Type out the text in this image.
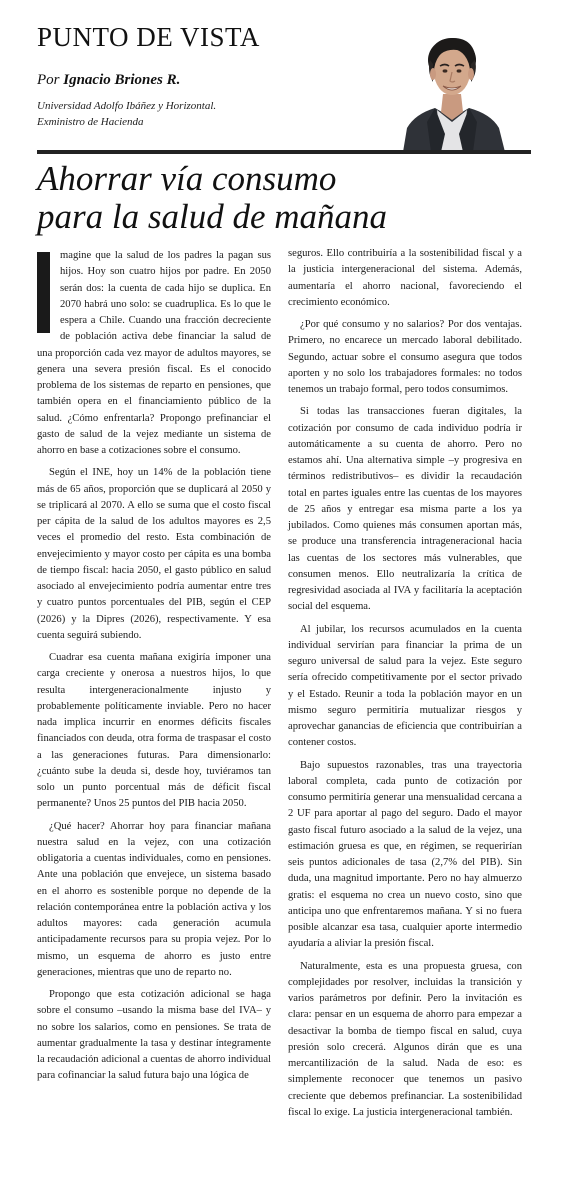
PUNTO DE VISTA
Por Ignacio Briones R.
Universidad Adolfo Ibáñez y Horizontal.
Exministro de Hacienda
Ahorrar vía consumo
para la salud de mañana

magine que la salud de los padres la pagan sus hijos. Hoy son cuatro hijos por padre. En 2050 serán dos: la cuenta de cada hijo se duplica. En 2070 habrá uno solo: se cuadruplica. Es lo que le espera a Chile. Cuando una fracción decreciente de población activa debe financiar la salud de una proporción cada vez mayor de adultos mayores, se genera una severa presión fiscal. Es el conocido problema de los sistemas de reparto en pensiones, que también opera en el financiamiento público de la salud. ¿Cómo enfrentarla? Propongo prefinanciar el gasto de salud de la vejez mediante un sistema de ahorro en base a cotizaciones sobre el consumo.

Según el INE, hoy un 14% de la población tiene más de 65 años, proporción que se duplicará al 2050 y se triplicará al 2070. A ello se suma que el costo fiscal per cápita de la salud de los adultos mayores es 2,5 veces el promedio del resto. Esta combinación de envejecimiento y mayor costo per cápita es una bomba de tiempo fiscal: hacia 2050, el gasto público en salud asociado al envejecimiento podría aumentar entre tres y cuatro puntos porcentuales del PIB, según el CEP (2026) y la Dipres (2026), respectivamente. Y esa cuenta seguirá subiendo.

Cuadrar esa cuenta mañana exigiría imponer una carga creciente y onerosa a nuestros hijos, lo que resulta intergeneracionalmente injusto y probablemente políticamente inviable. Pero no hacer nada implica incurrir en enormes déficits fiscales financiados con deuda, otra forma de traspasar el costo a las generaciones futuras. Para dimensionarlo: ¿cuánto sube la deuda si, desde hoy, tuviéramos tan solo un punto porcentual más de déficit fiscal permanente? Unos 25 puntos del PIB hacia 2050.

¿Qué hacer? Ahorrar hoy para financiar mañana nuestra salud en la vejez, con una cotización obligatoria a cuentas individuales, como en pensiones. Ante una población que envejece, un sistema basado en el ahorro es sostenible porque no depende de la relación contemporánea entre la población activa y los adultos mayores: cada generación acumula anticipadamente recursos para su propia vejez. Por lo mismo, un esquema de ahorro es justo entre generaciones, mientras que uno de reparto no.

Propongo que esta cotización adicional se haga sobre el consumo –usando la misma base del IVA– y no sobre los salarios, como en pensiones. Se trata de aumentar gradualmente la tasa y destinar íntegramente la recaudación adicional a cuentas de ahorro individual para cofinanciar la salud futura bajo una lógica de

seguros. Ello contribuiría a la sostenibilidad fiscal y a la justicia intergeneracional del sistema. Además, aumentaría el ahorro nacional, favoreciendo el crecimiento económico.

¿Por qué consumo y no salarios? Por dos ventajas. Primero, no encarece un mercado laboral debilitado. Segundo, actuar sobre el consumo asegura que todos aporten y no solo los trabajadores formales: no todos tenemos un trabajo formal, pero todos consumimos.

Si todas las transacciones fueran digitales, la cotización por consumo de cada individuo podría ir automáticamente a su cuenta de ahorro. Pero no estamos ahí. Una alternativa simple –y progresiva en términos redistributivos– es dividir la recaudación total en partes iguales entre las cuentas de los mayores de 25 años y entregar esa misma parte a los ya jubilados. Como quienes más consumen aportan más, se produce una transferencia intrageneracional hacia las cuentas de los sectores más vulnerables, que consumen menos. Ello neutralizaría la crítica de regresividad asociada al IVA y facilitaría la aceptación social del esquema.

Al jubilar, los recursos acumulados en la cuenta individual servirían para financiar la prima de un seguro universal de salud para la vejez. Este seguro sería ofrecido competitivamente por el sector privado y el Estado. Reunir a toda la población mayor en un mismo seguro permitiría mutualizar riesgos y aprovechar ganancias de eficiencia que contribuirían a contener costos.

Bajo supuestos razonables, tras una trayectoria laboral completa, cada punto de cotización por consumo permitiría generar una mensualidad cercana a 2 UF para aportar al pago del seguro. Dado el mayor gasto fiscal futuro asociado a la salud de la vejez, una estimación gruesa es que, en régimen, se requerirían seis puntos adicionales de tasa (2,7% del PIB). Sin duda, una magnitud importante. Pero no hay almuerzo gratis: el esquema no crea un nuevo costo, sino que anticipa uno que enfrentaremos mañana. Y si no fuera posible alcanzar esa tasa, cualquier aporte intermedio ayudaría a aliviar la presión fiscal.

Naturalmente, esta es una propuesta gruesa, con complejidades por resolver, incluidas la transición y varios parámetros por definir. Pero la invitación es clara: pensar en un esquema de ahorro para empezar a desactivar la bomba de tiempo fiscal en salud, cuya presión solo crecerá. Algunos dirán que es una mercantilización de la salud. Nada de eso: es simplemente reconocer que tenemos un pasivo creciente que debemos prefinanciar. La sostenibilidad fiscal lo exige. La justicia intergeneracional también.
